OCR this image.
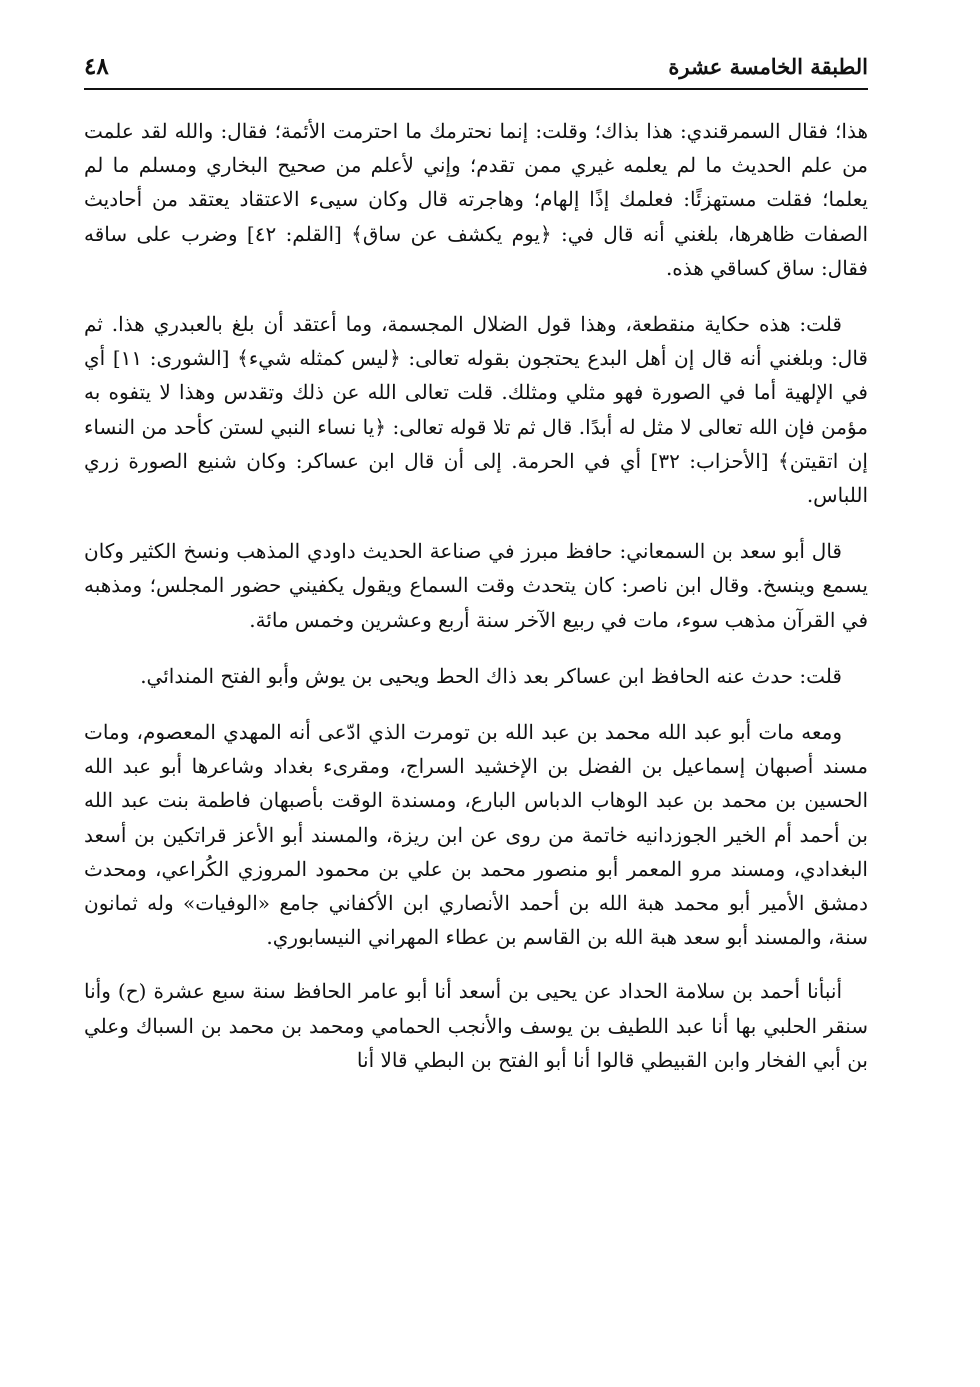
الطبقة الخامسة عشرة
٤٨

هذا؛ فقال السمرقندي: هذا بذاك؛ وقلت: إنما نحترمك ما احترمت الأئمة؛ فقال: والله لقد علمت من علم الحديث ما لم يعلمه غيري ممن تقدم؛ وإني لأعلم من صحيح البخاري ومسلم ما لم يعلما؛ فقلت مستهزئًا: فعلمك إذًا إلهام؛ وهاجرته قال وكان سيىء الاعتقاد يعتقد من أحاديث الصفات ظاهرها، بلغني أنه قال في: ﴿يوم يكشف عن ساق﴾ [القلم: ٤٢] وضرب على ساقه فقال: ساق كساقي هذه.

قلت: هذه حكاية منقطعة، وهذا قول الضلال المجسمة، وما أعتقد أن بلغ بالعبدري هذا. ثم قال: وبلغني أنه قال إن أهل البدع يحتجون بقوله تعالى: ﴿ليس كمثله شيء﴾ [الشورى: ١١] أي في الإلهية أما في الصورة فهو مثلي ومثلك. قلت تعالى الله عن ذلك وتقدس وهذا لا يتفوه به مؤمن فإن الله تعالى لا مثل له أبدًا. قال ثم تلا قوله تعالى: ﴿يا نساء النبي لستن كأحد من النساء إن اتقيتن﴾ [الأحزاب: ٣٢] أي في الحرمة. إلى أن قال ابن عساكر: وكان شنيع الصورة زري اللباس.

قال أبو سعد بن السمعاني: حافظ مبرز في صناعة الحديث داودي المذهب ونسخ الكثير وكان يسمع وينسخ. وقال ابن ناصر: كان يتحدث وقت السماع ويقول يكفيني حضور المجلس؛ ومذهبه في القرآن مذهب سوء، مات في ربيع الآخر سنة أربع وعشرين وخمس مائة.

قلت: حدث عنه الحافظ ابن عساكر بعد ذاك الحط ويحيى بن يوش وأبو الفتح المندائي.

ومعه مات أبو عبد الله محمد بن عبد الله بن تومرت الذي ادّعى أنه المهدي المعصوم، ومات مسند أصبهان إسماعيل بن الفضل بن الإخشيد السراج، ومقرىء بغداد وشاعرها أبو عبد الله الحسين بن محمد بن عبد الوهاب الدباس البارع، ومسندة الوقت بأصبهان فاطمة بنت عبد الله بن أحمد أم الخير الجوزدانيه خاتمة من روى عن ابن ريزة، والمسند أبو الأعز قراتكين بن أسعد البغدادي، ومسند مرو المعمر أبو منصور محمد بن علي بن محمود المروزي الكُراعي، ومحدث دمشق الأمير أبو محمد هبة الله بن أحمد الأنصاري ابن الأكفاني جامع «الوفيات» وله ثمانون سنة، والمسند أبو سعد هبة الله بن القاسم بن عطاء المهراني النيسابوري.

أنبأنا أحمد بن سلامة الحداد عن يحيى بن أسعد أنا أبو عامر الحافظ سنة سبع عشرة (ح) وأنا سنقر الحلبي بها أنا عبد اللطيف بن يوسف والأنجب الحمامي ومحمد بن محمد بن السباك وعلي بن أبي الفخار وابن القبيطي قالوا أنا أبو الفتح بن البطي قالا أنا
